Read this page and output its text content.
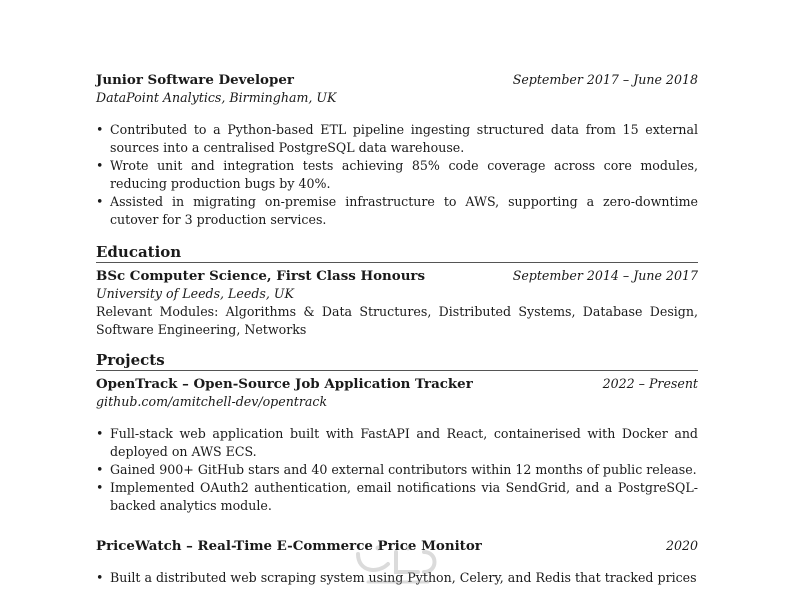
Junior Software Developer	September 2017 – June 2018
DataPoint Analytics, Birmingham, UK
• Contributed to a Python-based ETL pipeline ingesting structured data from 15 external sources into a centralised PostgreSQL data warehouse.
• Wrote unit and integration tests achieving 85% code coverage across core modules, reducing production bugs by 40%.
• Assisted in migrating on-premise infrastructure to AWS, supporting a zero-downtime cutover for 3 production services.
Education
BSc Computer Science, First Class Honours	September 2014 – June 2017
University of Leeds, Leeds, UK
Relevant Modules: Algorithms & Data Structures, Distributed Systems, Database Design, Software Engineering, Networks
Projects
OpenTrack – Open-Source Job Application Tracker	2022 – Present
github.com/amitchell-dev/opentrack
• Full-stack web application built with FastAPI and React, containerised with Docker and deployed on AWS ECS.
• Gained 900+ GitHub stars and 40 external contributors within 12 months of public release.
• Implemented OAuth2 authentication, email notifications via SendGrid, and a PostgreSQL-backed analytics module.
PriceWatch – Real-Time E-Commerce Price Monitor	2020
• Built a distributed web scraping system using Python, Celery, and Redis that tracked prices
